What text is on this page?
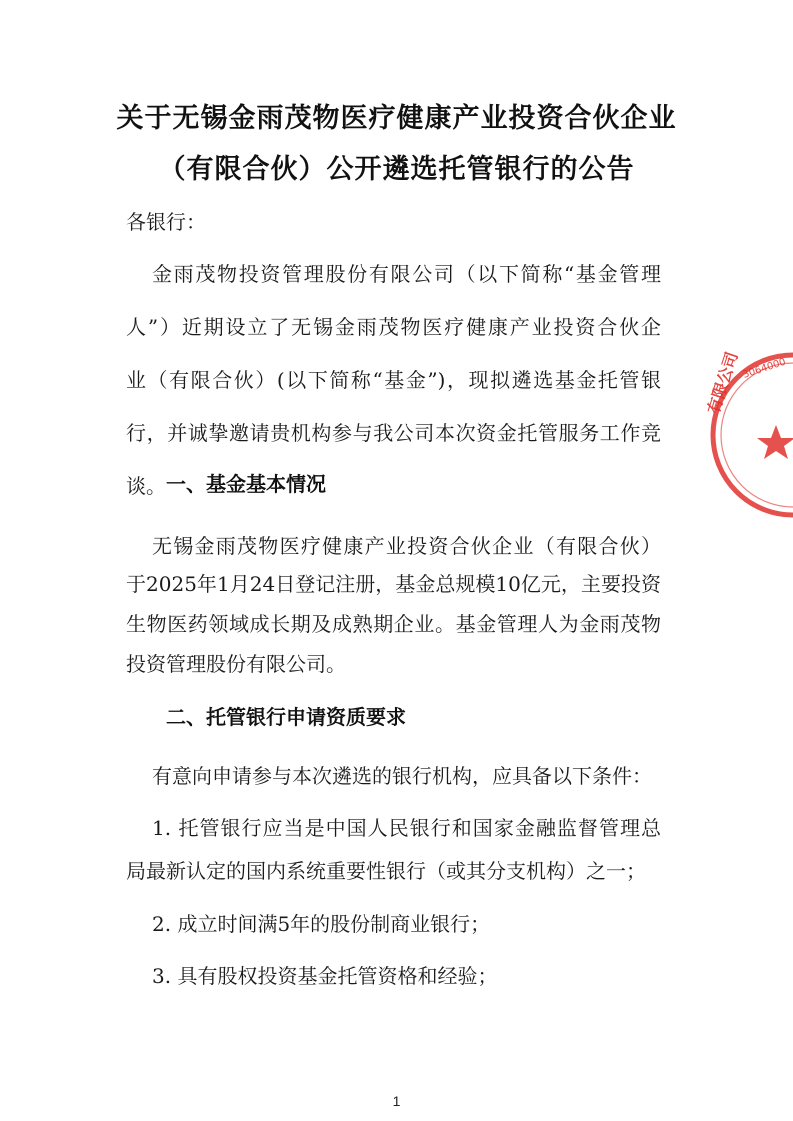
关于无锡金雨茂物医疗健康产业投资合伙企业
（有限合伙）公开遴选托管银行的公告
各银行：
金雨茂物投资管理股份有限公司（以下简称“基金管理
人”）近期设立了无锡金雨茂物医疗健康产业投资合伙企
业（有限合伙）(以下简称“基金”)，现拟遴选基金托管银
行，并诚挚邀请贵机构参与我公司本次资金托管服务工作竞
谈。 一、基金基本情况
无锡金雨茂物医疗健康产业投资合伙企业（有限合伙）
于2025年1月24日登记注册，基金总规模10亿元，主要投资
生物医药领域成长期及成熟期企业。基金管理人为金雨茂物
投资管理股份有限公司。
二、托管银行申请资质要求
有意向申请参与本次遴选的银行机构，应具备以下条件：
1. 托管银行应当是中国人民银行和国家金融监督管理总
局最新认定的国内系统重要性银行（或其分支机构）之一；
2. 成立时间满5年的股份制商业银行；
3. 具有股权投资基金托管资格和经验；
3064000
有限公司
1
